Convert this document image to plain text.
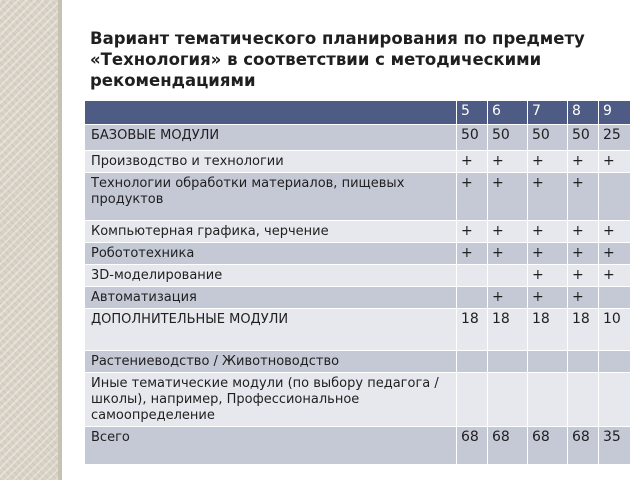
Вариант тематического планирования по предмету «Технология» в соответствии с методическими рекомендациями
	5	6	7	8	9
БАЗОВЫЕ МОДУЛИ	50	50	50	50	25
Производство и технологии	+	+	+	+	+
Технологии обработки материалов, пищевых продуктов	+	+	+	+	
Компьютерная графика, черчение	+	+	+	+	+
Робототехника	+	+	+	+	+
3D-моделирование			+	+	+
Автоматизация		+	+	+	
ДОПОЛНИТЕЛЬНЫЕ МОДУЛИ	18	18	18	18	10
Растениеводство / Животноводство					
Иные тематические модули (по выбору педагога / школы), например, Профессиональное самоопределение					
Всего	68	68	68	68	35
